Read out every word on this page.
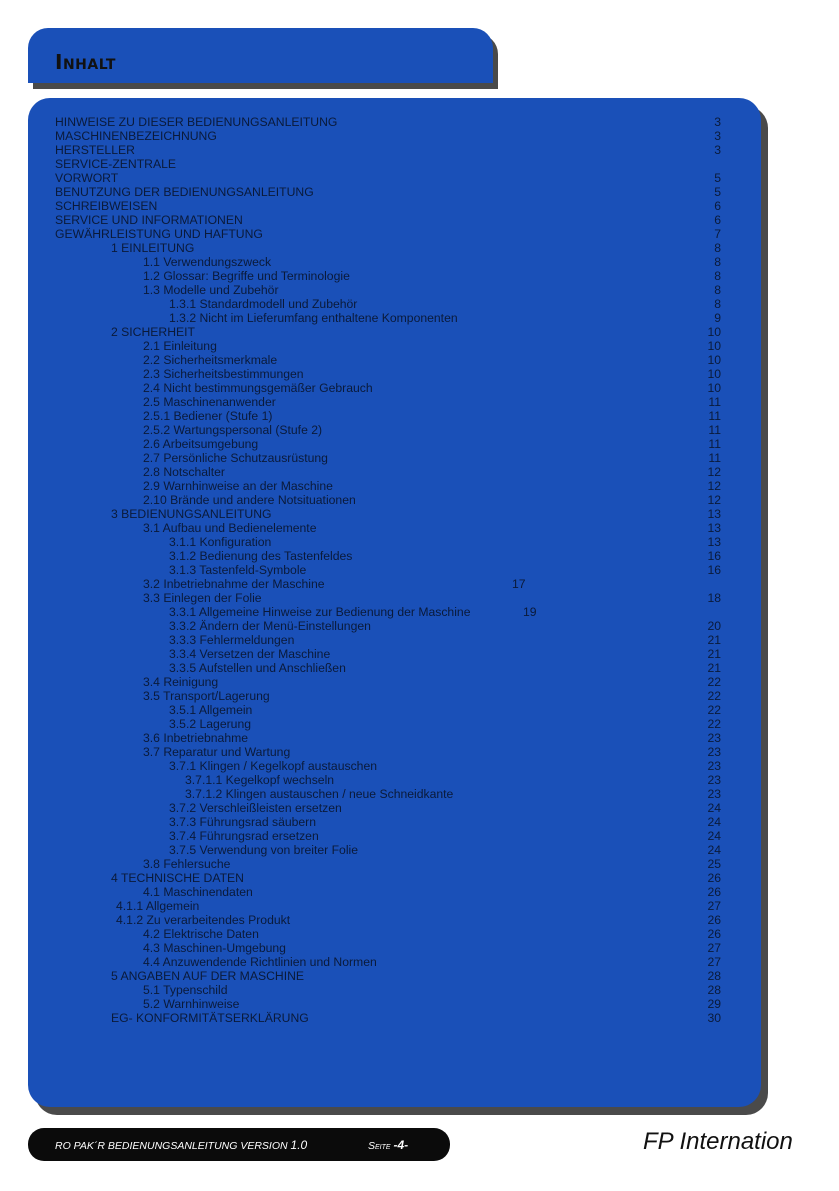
Inhalt
HINWEISE ZU DIESER BEDIENUNGSANLEITUNG	3
MASCHINENBEZEICHNUNG	3
HERSTELLER	3
SERVICE-ZENTRALE
VORWORT	5
BENUTZUNG DER BEDIENUNGSANLEITUNG	5
SCHREIBWEISEN	6
SERVICE UND INFORMATIONEN	6
GEWÄHRLEISTUNG UND HAFTUNG	7
1 EINLEITUNG	8
1.1 Verwendungszweck	8
1.2 Glossar: Begriffe und Terminologie	8
1.3 Modelle und Zubehör	8
1.3.1 Standardmodell und Zubehör	8
1.3.2 Nicht im Lieferumfang enthaltene Komponenten	9
2 SICHERHEIT	10
2.1 Einleitung	10
2.2 Sicherheitsmerkmale	10
2.3 Sicherheitsbestimmungen	10
2.4 Nicht bestimmungsgemäßer Gebrauch	10
2.5 Maschinenanwender	11
2.5.1 Bediener (Stufe 1)	11
2.5.2 Wartungspersonal (Stufe 2)	11
2.6 Arbeitsumgebung	11
2.7 Persönliche Schutzausrüstung	11
2.8 Notschalter	12
2.9 Warnhinweise an der Maschine	12
2.10 Brände und andere Notsituationen	12
3 BEDIENUNGSANLEITUNG	13
3.1 Aufbau und Bedienelemente	13
3.1.1 Konfiguration	13
3.1.2 Bedienung des Tastenfeldes	16
3.1.3 Tastenfeld-Symbole	16
3.2 Inbetriebnahme der Maschine	17
3.3 Einlegen der Folie	18
3.3.1 Allgemeine Hinweise zur Bedienung der Maschine	19
3.3.2 Ändern der Menü-Einstellungen	20
3.3.3 Fehlermeldungen	21
3.3.4 Versetzen der Maschine	21
3.3.5 Aufstellen und Anschließen	21
3.4 Reinigung	22
3.5 Transport/Lagerung	22
3.5.1 Allgemein	22
3.5.2 Lagerung	22
3.6 Inbetriebnahme	23
3.7 Reparatur und Wartung	23
3.7.1 Klingen / Kegelkopf austauschen	23
3.7.1.1 Kegelkopf wechseln	23
3.7.1.2 Klingen austauschen / neue Schneidkante	23
3.7.2 Verschleißleisten ersetzen	24
3.7.3 Führungsrad säubern	24
3.7.4 Führungsrad ersetzen	24
3.7.5 Verwendung von breiter Folie	24
3.8 Fehlersuche	25
4 TECHNISCHE DATEN	26
4.1 Maschinendaten	26
4.1.1 Allgemein	27
4.1.2 Zu verarbeitendes Produkt	26
4.2 Elektrische Daten	26
4.3 Maschinen-Umgebung	27
4.4 Anzuwendende Richtlinien und Normen	27
5 ANGABEN AUF DER MASCHINE	28
5.1 Typenschild	28
5.2 Warnhinweise	29
EG- KONFORMITÄTSERKLÄRUNG	30
RO PAK´R BEDIENUNGSANLEITUNG VERSION 1.0	Seite -4-	FP Internation
